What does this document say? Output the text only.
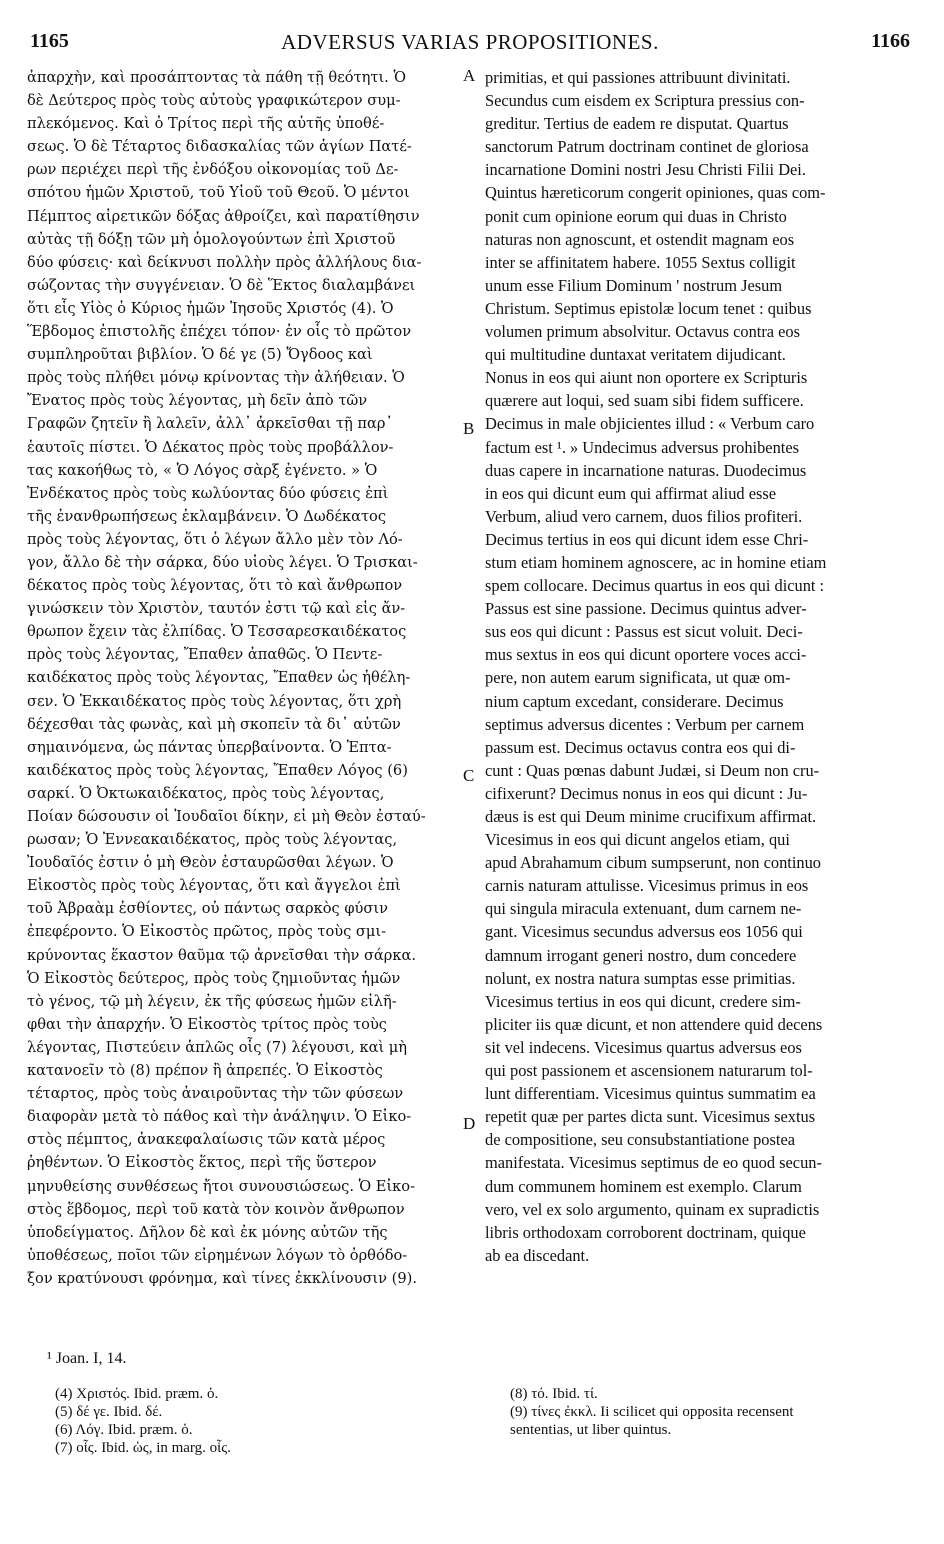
1165	ADVERSUS VARIAS PROPOSITIONES.	1166
ἀπαρχὴν, καὶ προσάπτοντας τὰ πάθη τῇ θεότητι. Ὁ
δὲ Δεύτερος πρὸς τοὺς αὐτοὺς γραφικώτερον συμ-
πλεκόμενος. Καὶ ὁ Τρίτος περὶ τῆς αὐτῆς ὑποθέ-
σεως. Ὁ δὲ Τέταρτος διδασκαλίας τῶν ἁγίων Πατέ-
ρων περιέχει περὶ τῆς ἐνδόξου οἰκονομίας τοῦ Δε-
σπότου ἡμῶν Χριστοῦ, τοῦ Υἱοῦ τοῦ Θεοῦ. Ὁ μέντοι
Πέμπτος αἱρετικῶν δόξας ἀθροίζει, καὶ παρατίθησιν
αὐτὰς τῇ δόξῃ τῶν μὴ ὁμολογούντων ἐπὶ Χριστοῦ
δύο φύσεις· καὶ δείκνυσι πολλὴν πρὸς ἀλλήλους δια-
σώζοντας τὴν συγγένειαν. Ὁ δὲ Ἕκτος διαλαμβάνει
ὅτι εἷς Υἱὸς ὁ Κύριος ἡμῶν Ἰησοῦς Χριστός (4). Ὁ
Ἕβδομος ἐπιστολῆς ἐπέχει τόπον· ἐν οἷς τὸ πρῶτον
συμπληροῦται βιβλίον. Ὁ δέ γε (5) Ὄγδοος καὶ
πρὸς τοὺς πλήθει μόνῳ κρίνοντας τὴν ἀλήθειαν. Ὁ
Ἔνατος πρὸς τοὺς λέγοντας, μὴ δεῖν ἀπὸ τῶν
Γραφῶν ζητεῖν ἢ λαλεῖν, ἀλλ᾽ ἀρκεῖσθαι τῇ παρ᾽
ἑαυτοῖς πίστει. Ὁ Δέκατος πρὸς τοὺς προβάλλον-
τας κακοήθως τὸ, « Ὁ Λόγος σὰρξ ἐγένετο. » Ὁ
Ἑνδέκατος πρὸς τοὺς κωλύοντας δύο φύσεις ἐπὶ
τῆς ἐνανθρωπήσεως ἐκλαμβάνειν. Ὁ Δωδέκατος
πρὸς τοὺς λέγοντας, ὅτι ὁ λέγων ἄλλο μὲν τὸν Λό-
γον, ἄλλο δὲ τὴν σάρκα, δύο υἱοὺς λέγει. Ὁ Τρισκαι-
δέκατος πρὸς τοὺς λέγοντας, ὅτι τὸ καὶ ἄνθρωπον
γινώσκειν τὸν Χριστὸν, ταυτόν ἐστι τῷ καὶ εἰς ἄν-
θρωπον ἔχειν τὰς ἐλπίδας. Ὁ Τεσσαρεσκαιδέκατος
πρὸς τοὺς λέγοντας, Ἔπαθεν ἀπαθῶς. Ὁ Πεντε-
καιδέκατος πρὸς τοὺς λέγοντας, Ἔπαθεν ὡς ἠθέλη-
σεν. Ὁ Ἑκκαιδέκατος πρὸς τοὺς λέγοντας, ὅτι χρὴ
δέχεσθαι τὰς φωνὰς, καὶ μὴ σκοπεῖν τὰ δι᾽ αὐτῶν
σημαινόμενα, ὡς πάντας ὑπερβαίνοντα. Ὁ Ἑπτα-
καιδέκατος πρὸς τοὺς λέγοντας, Ἔπαθεν Λόγος (6)
σαρκί. Ὁ Ὀκτωκαιδέκατος, πρὸς τοὺς λέγοντας,
Ποίαν δώσουσιν οἱ Ἰουδαῖοι δίκην, εἰ μὴ Θεὸν ἐσταύ-
ρωσαν; Ὁ Ἐννεακαιδέκατος, πρὸς τοὺς λέγοντας,
Ἰουδαῖός ἐστιν ὁ μὴ Θεὸν ἐσταυρῶσθαι λέγων. Ὁ
Εἰκοστὸς πρὸς τοὺς λέγοντας, ὅτι καὶ ἄγγελοι ἐπὶ
τοῦ Ἀβραὰμ ἐσθίοντες, οὐ πάντως σαρκὸς φύσιν
ἐπεφέροντο. Ὁ Εἰκοστὸς πρῶτος, πρὸς τοὺς σμι-
κρύνοντας ἕκαστον θαῦμα τῷ ἀρνεῖσθαι τὴν σάρκα.
Ὁ Εἰκοστὸς δεύτερος, πρὸς τοὺς ζημιοῦντας ἡμῶν
τὸ γένος, τῷ μὴ λέγειν, ἐκ τῆς φύσεως ἡμῶν εἰλῆ-
φθαι τὴν ἀπαρχήν. Ὁ Εἰκοστὸς τρίτος πρὸς τοὺς
λέγοντας, Πιστεύειν ἁπλῶς οἷς (7) λέγουσι, καὶ μὴ
κατανοεῖν τὸ (8) πρέπον ἢ ἀπρεπές. Ὁ Εἰκοστὸς
τέταρτος, πρὸς τοὺς ἀναιροῦντας τὴν τῶν φύσεων
διαφορὰν μετὰ τὸ πάθος καὶ τὴν ἀνάληψιν. Ὁ Εἰκο-
στὸς πέμπτος, ἀνακεφαλαίωσις τῶν κατὰ μέρος
ῥηθέντων. Ὁ Εἰκοστὸς ἕκτος, περὶ τῆς ὕστερον
μηνυθείσης συνθέσεως ἤτοι συνουσιώσεως. Ὁ Εἰκο-
στὸς ἕβδομος, περὶ τοῦ κατὰ τὸν κοινὸν ἄνθρωπον
ὑποδείγματος. Δῆλον δὲ καὶ ἐκ μόνης αὐτῶν τῆς
ὑποθέσεως, ποῖοι τῶν εἰρημένων λόγων τὸ ὀρθόδο-
ξον κρατύνουσι φρόνημα, καὶ τίνες ἐκκλίνουσιν (9).
A
B
C
D
primitias, et qui passiones attribuunt divinitati.
Secundus cum eisdem ex Scriptura pressius con-
greditur. Tertius de eadem re disputat. Quartus
sanctorum Patrum doctrinam continet de gloriosa
incarnatione Domini nostri Jesu Christi Filii Dei.
Quintus hæreticorum congerit opiniones, quas com-
ponit cum opinione eorum qui duas in Christo
naturas non agnoscunt, et ostendit magnam eos
inter se affinitatem habere. 1055 Sextus colligit
unum esse Filium Dominum ' nostrum Jesum
Christum. Septimus epistolæ locum tenet : quibus
volumen primum absolvitur. Octavus contra eos
qui multitudine duntaxat veritatem dijudicant.
Nonus in eos qui aiunt non oportere ex Scripturis
quærere aut loqui, sed suam sibi fidem sufficere.
Decimus in male objicientes illud : « Verbum caro
factum est ¹. » Undecimus adversus prohibentes
duas capere in incarnatione naturas. Duodecimus
in eos qui dicunt eum qui affirmat aliud esse
Verbum, aliud vero carnem, duos filios profiteri.
Decimus tertius in eos qui dicunt idem esse Chri-
stum etiam hominem agnoscere, ac in homine etiam
spem collocare. Decimus quartus in eos qui dicunt :
Passus est sine passione. Decimus quintus adver-
sus eos qui dicunt : Passus est sicut voluit. Deci-
mus sextus in eos qui dicunt oportere voces acci-
pere, non autem earum significata, ut quæ om-
nium captum excedant, considerare. Decimus
septimus adversus dicentes : Verbum per carnem
passum est. Decimus octavus contra eos qui di-
cunt : Quas pœnas dabunt Judæi, si Deum non cru-
cifixerunt? Decimus nonus in eos qui dicunt : Ju-
dæus is est qui Deum minime crucifixum affirmat.
Vicesimus in eos qui dicunt angelos etiam, qui
apud Abrahamum cibum sumpserunt, non continuo
carnis naturam attulisse. Vicesimus primus in eos
qui singula miracula extenuant, dum carnem ne-
gant. Vicesimus secundus adversus eos 1056 qui
damnum irrogant generi nostro, dum concedere
nolunt, ex nostra natura sumptas esse primitias.
Vicesimus tertius in eos qui dicunt, credere sim-
pliciter iis quæ dicunt, et non attendere quid decens
sit vel indecens. Vicesimus quartus adversus eos
qui post passionem et ascensionem naturarum tol-
lunt differentiam. Vicesimus quintus summatim ea
repetit quæ per partes dicta sunt. Vicesimus sextus
de compositione, seu consubstantiatione postea
manifestata. Vicesimus septimus de eo quod secun-
dum communem hominem est exemplo. Clarum
vero, vel ex solo argumento, quinam ex supradictis
libris orthodoxam corroborent doctrinam, quique
ab ea discedant.
¹ Joan. I, 14.
(4) Χριστός. Ibid. præm. ὁ.
(5) δέ γε. Ibid. δέ.
(6) Λόγ. Ibid. præm. ὁ.
(7) οἷς. Ibid. ὡς, in marg. οἷς.
(8) τό. Ibid. τί.
(9) τίνες ἐκκλ. Ii scilicet qui opposita recensent
sententias, ut liber quintus.
